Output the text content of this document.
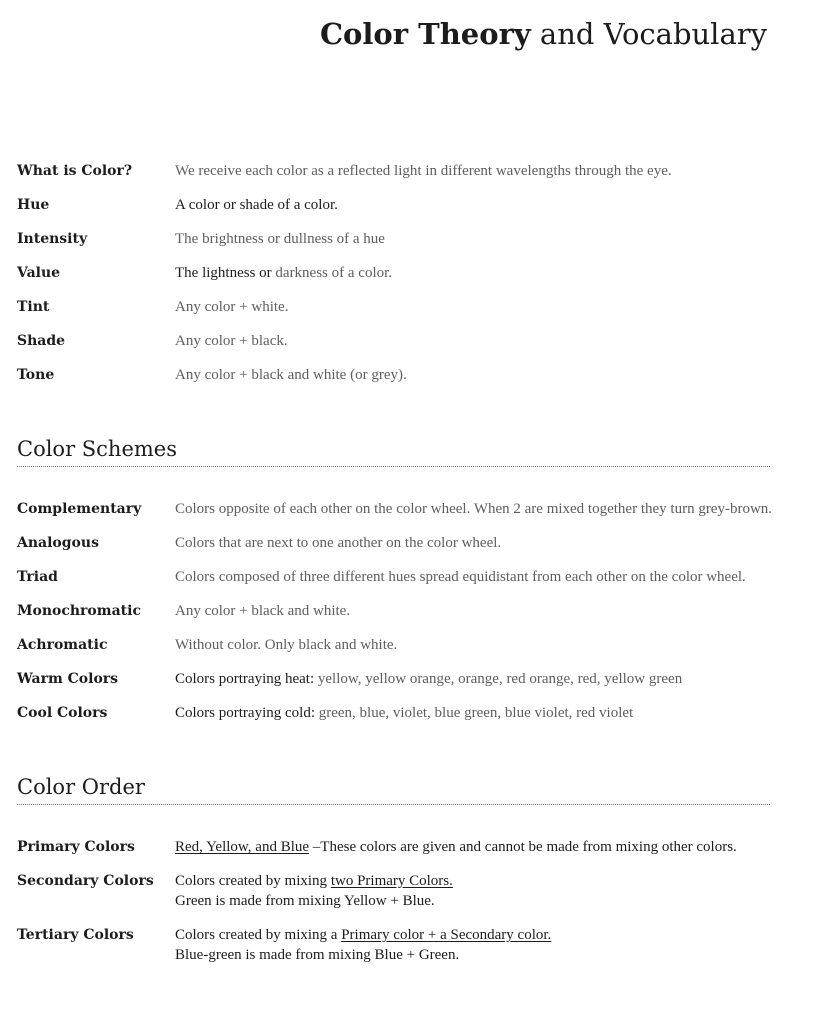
Color Theory and Vocabulary
What is Color?	We receive each color as a reflected light in different wavelengths through the eye.
Hue	A color or shade of a color.
Intensity	The brightness or dullness of a hue
Value	The lightness or darkness of a color.
Tint	Any color + white.
Shade	Any color + black.
Tone	Any color + black and white (or grey).
Color Schemes
Complementary	Colors opposite of each other on the color wheel. When 2 are mixed together they turn grey-brown.
Analogous	Colors that are next to one another on the color wheel.
Triad	Colors composed of three different hues spread equidistant from each other on the color wheel.
Monochromatic	Any color + black and white.
Achromatic	Without color. Only black and white.
Warm Colors	Colors portraying heat: yellow, yellow orange, orange, red orange, red, yellow green
Cool Colors	Colors portraying cold: green, blue, violet, blue green, blue violet, red violet
Color Order
Primary Colors	Red, Yellow, and Blue –These colors are given and cannot be made from mixing other colors.
Secondary Colors	Colors created by mixing two Primary Colors.
Green is made from mixing Yellow + Blue.
Tertiary Colors	Colors created by mixing a Primary color + a Secondary color.
Blue-green is made from mixing Blue + Green.
